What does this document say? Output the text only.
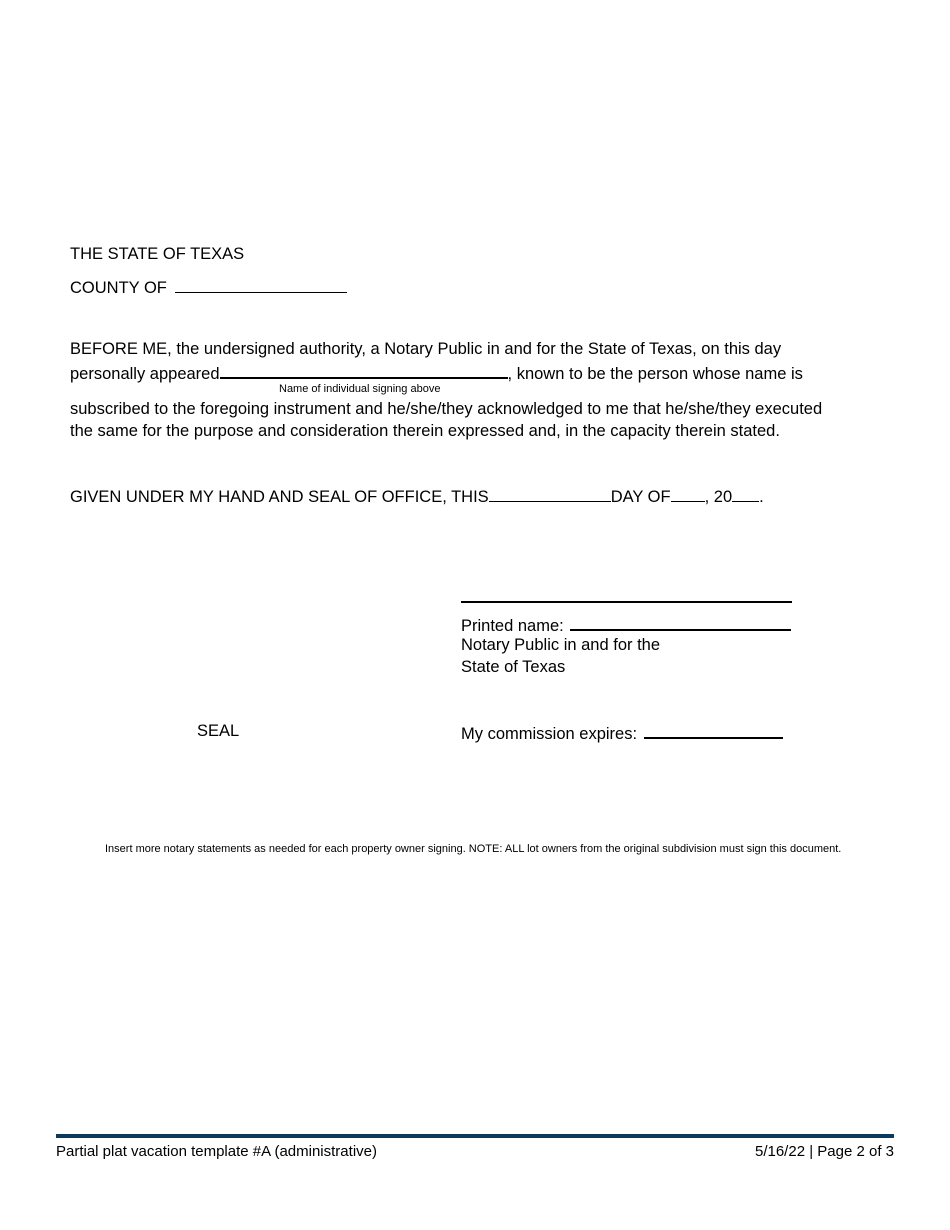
THE STATE OF TEXAS
COUNTY OF
BEFORE ME, the undersigned authority, a Notary Public in and for the State of Texas, on this day
personally appeared	, known to be the person whose name is
Name of individual signing above
subscribed to the foregoing instrument and he/she/they acknowledged to me that he/she/they executed
the same for the purpose and consideration therein expressed and, in the capacity therein stated.
GIVEN UNDER MY HAND AND SEAL OF OFFICE, THIS	DAY OF , 20 .
Printed name:
Notary Public in and for the
State of Texas
SEAL	My commission expires:
Insert more notary statements as needed for each property owner signing. NOTE: ALL lot owners from the original subdivision must sign this document.
Partial plat vacation template #A (administrative)	5/16/22 | Page 2 of 3
